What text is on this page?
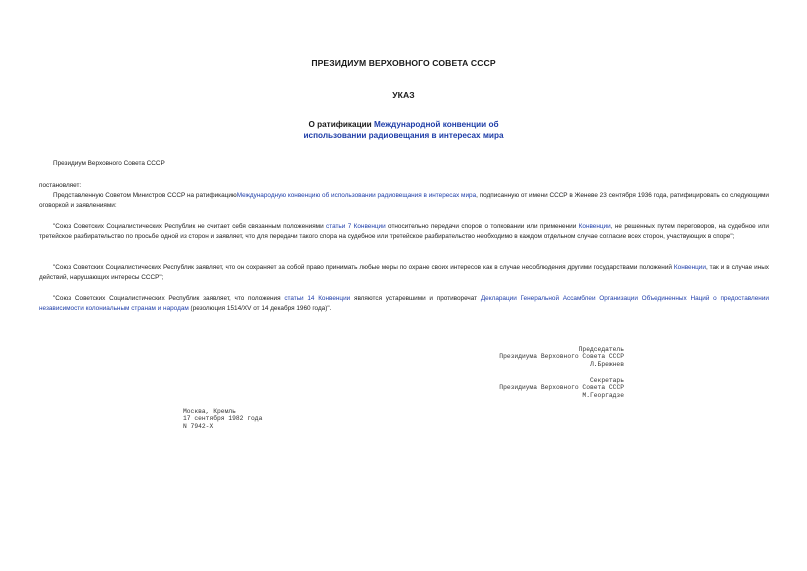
ПРЕЗИДИУМ ВЕРХОВНОГО СОВЕТА СССР
УКАЗ
О ратификации Международной конвенции об
использовании радиовещания в интересах мира
Президиум Верховного Совета СССР
постановляет:
Представленную Советом Министров СССР на ратификациюМеждународную конвенцию об использовании радиовещания в интересах мира, подписанную от имени СССР в Женеве 23 сентября 1936 года, ратифицировать со следующими оговоркой и заявлениями:
"Союз Советских Социалистических Республик не считает себя связанным положениями статьи 7 Конвенции относительно передачи споров о толковании или применении Конвенции, не решенных путем переговоров, на судебное или третейское разбирательство по просьбе одной из сторон и заявляет, что для передачи такого спора на судебное или третейское разбирательство необходимо в каждом отдельном случае согласие всех сторон, участвующих в споре";
"Союз Советских Социалистических Республик заявляет, что он сохраняет за собой право принимать любые меры по охране своих интересов как в случае несоблюдения другими государствами положений Конвенции, так и в случае иных действий, нарушающих интересы СССР";
"Союз Советских Социалистических Республик заявляет, что положения статьи 14 Конвенции являются устаревшими и противоречат Декларации Генеральной Ассамблеи Организации Объединенных Наций о предоставлении независимости колониальным странам и народам (резолюция 1514/XV от 14 декабря 1960 года)".
Председатель
Президиума Верховного Совета СССР
Л.Брежнев
Секретарь
Президиума Верховного Совета СССР
М.Георгадзе
Москва, Кремль
17 сентября 1982 года
N 7942-X
